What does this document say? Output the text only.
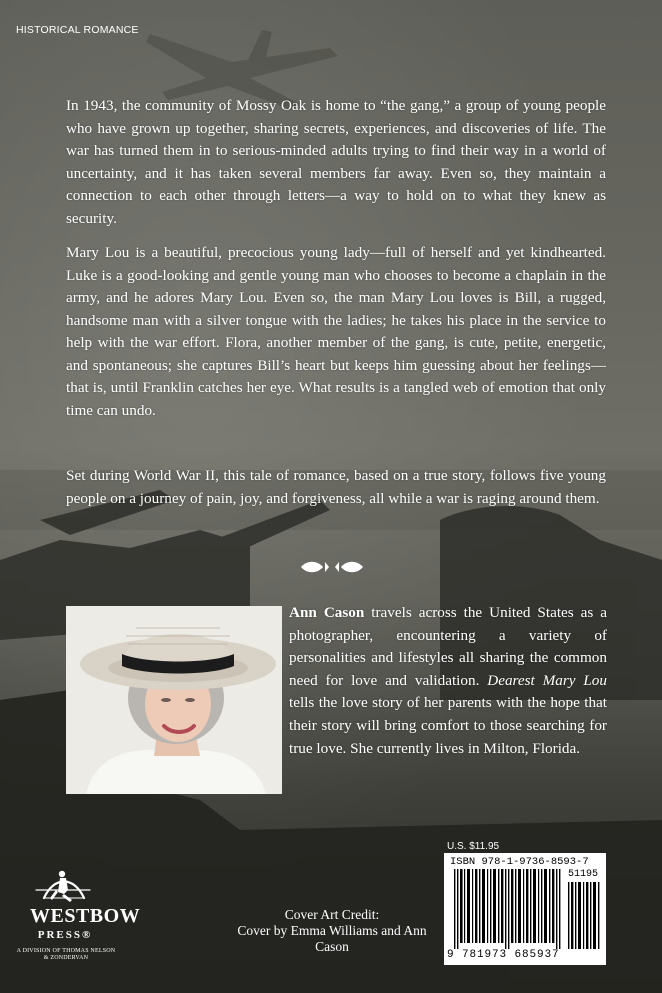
HISTORICAL ROMANCE

In 1943, the community of Mossy Oak is home to “the gang,” a group of young people who have grown up together, sharing secrets, experiences, and discoveries of life. The war has turned them in to serious-minded adults trying to find their way in a world of uncertainty, and it has taken several members far away. Even so, they maintain a connection to each other through letters—a way to hold on to what they knew as security.

Mary Lou is a beautiful, precocious young lady—full of herself and yet kindhearted. Luke is a good-looking and gentle young man who chooses to become a chaplain in the army, and he adores Mary Lou. Even so, the man Mary Lou loves is Bill, a rugged, handsome man with a silver tongue with the ladies; he takes his place in the service to help with the war effort. Flora, another member of the gang, is cute, petite, energetic, and spontaneous; she captures Bill’s heart but keeps him guessing about her feelings—that is, until Franklin catches her eye. What results is a tangled web of emotion that only time can undo.

Set during World War II, this tale of romance, based on a true story, follows five young people on a journey of pain, joy, and forgiveness, all while a war is raging around them.

Ann Cason travels across the United States as a photographer, encountering a variety of personalities and lifestyles all sharing the common need for love and validation. Dearest Mary Lou tells the love story of her parents with the hope that their story will bring comfort to those searching for true love. She currently lives in Milton, Florida.

U.S. $11.95
ISBN 978-1-9736-8593-7
51195
9 781973 685937
WESTBOW
PRESS®
A DIVISION OF THOMAS NELSON
& ZONDERVAN
Cover Art Credit:
Cover by Emma Williams and Ann Cason
